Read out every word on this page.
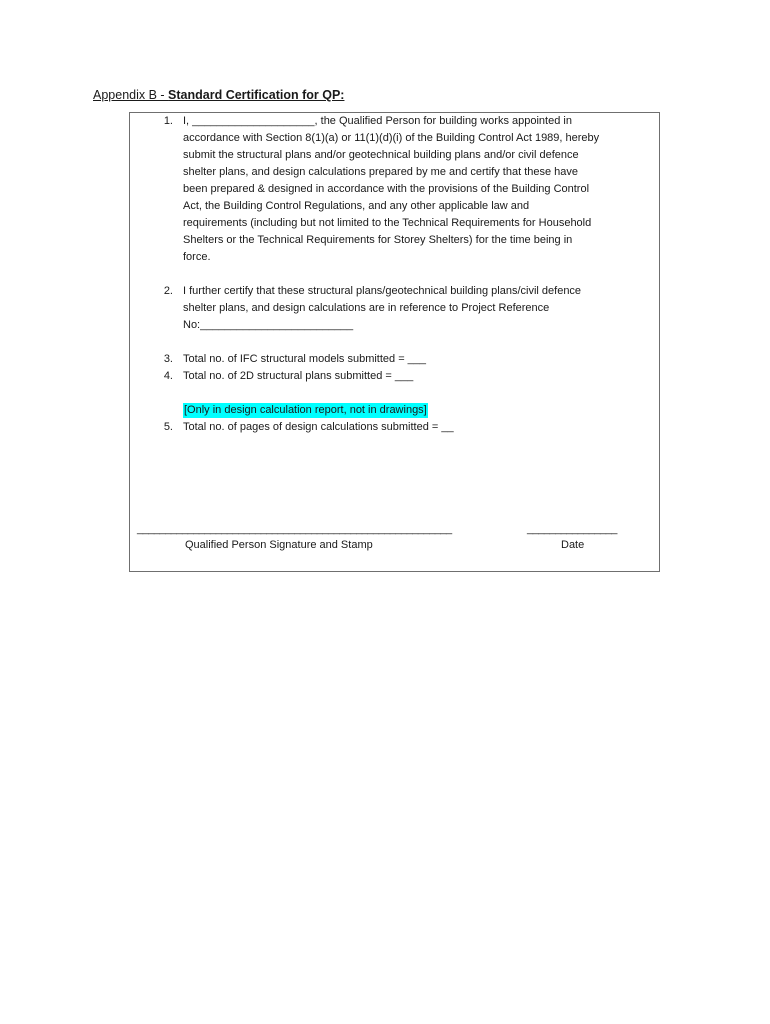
Appendix B - Standard Certification for QP:
1. I, ____________________, the Qualified Person for building works appointed in
accordance with Section 8(1)(a) or 11(1)(d)(i) of the Building Control Act 1989, hereby
submit the structural plans and/or geotechnical building plans and/or civil defence
shelter plans, and design calculations prepared by me and certify that these have
been prepared & designed in accordance with the provisions of the Building Control
Act, the Building Control Regulations, and any other applicable law and
requirements (including but not limited to the Technical Requirements for Household
Shelters or the Technical Requirements for Storey Shelters) for the time being in
force.
2. I further certify that these structural plans/geotechnical building plans/civil defence
shelter plans, and design calculations are in reference to Project Reference
No:_________________________
3. Total no. of IFC structural models submitted = ___
4. Total no. of 2D structural plans submitted = ___
[Only in design calculation report, not in drawings]
5. Total no. of pages of design calculations submitted = __
________________________________________________________
Qualified Person Signature and Stamp
________________
Date
